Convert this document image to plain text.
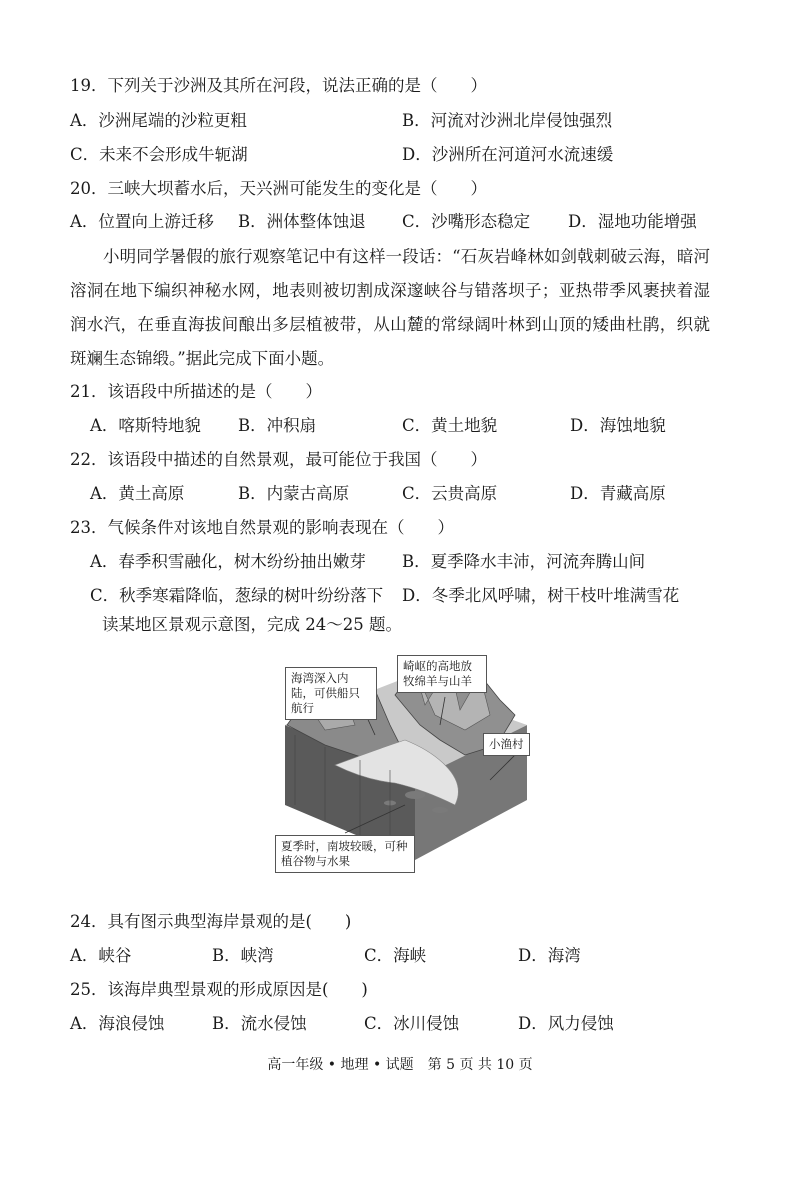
19．下列关于沙洲及其所在河段，说法正确的是（　　）
A．沙洲尾端的沙粒更粗	B．河流对沙洲北岸侵蚀强烈
C．未来不会形成牛轭湖	D．沙洲所在河道河水流速缓
20．三峡大坝蓄水后，天兴洲可能发生的变化是（　　）
A．位置向上游迁移 B．洲体整体蚀退 C．沙嘴形态稳定 D．湿地功能增强
小明同学暑假的旅行观察笔记中有这样一段话：“石灰岩峰林如剑戟刺破云海，暗河溶洞在地下编织神秘水网，地表则被切割成深邃峡谷与错落坝子；亚热带季风裹挟着湿润水汽，在垂直海拔间酿出多层植被带，从山麓的常绿阔叶林到山顶的矮曲杜鹃，织就斑斓生态锦缎。”据此完成下面小题。
21．该语段中所描述的是（　　）
A．喀斯特地貌 B．冲积扇	C．黄土地貌	D．海蚀地貌
22．该语段中描述的自然景观，最可能位于我国（　　）
A．黄土高原	B．内蒙古高原	C．云贵高原	D．青藏高原
23．气候条件对该地自然景观的影响表现在（　　）
A．春季积雪融化，树木纷纷抽出嫩芽 B．夏季降水丰沛，河流奔腾山间
C．秋季寒霜降临，葱绿的树叶纷纷落下 D．冬季北风呼啸，树干枝叶堆满雪花
读某地区景观示意图，完成 24～25 题。
海湾深入内陆，可供船只航行
崎岖的高地放牧绵羊与山羊
小渔村
夏季时，南坡较暖，可种植谷物与水果
24．具有图示典型海岸景观的是(　　)
A．峡谷	B．峡湾	C．海峡	D．海湾
25．该海岸典型景观的形成原因是(　　)
A．海浪侵蚀	B．流水侵蚀	C．冰川侵蚀	D．风力侵蚀
高一年级 • 地理 • 试题　第 5 页 共 10 页
